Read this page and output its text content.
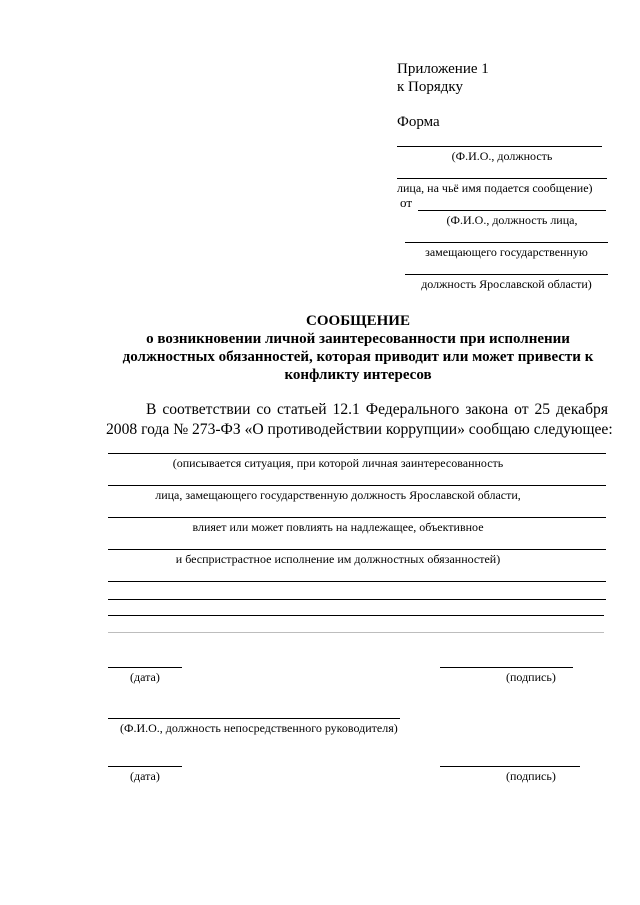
Приложение 1
к Порядку
Форма
(Ф.И.О., должность
лица, на чьё имя подается сообщение)
от
(Ф.И.О., должность лица,
замещающего государственную
должность Ярославской области)
СООБЩЕНИЕ
о возникновении личной заинтересованности при исполнении
должностных обязанностей, которая приводит или может привести к
конфликту интересов
В соответствии со статьей 12.1 Федерального закона от 25 декабря
2008 года № 273-ФЗ «О противодействии коррупции» сообщаю следующее:
(описывается ситуация, при которой личная заинтересованность
лица, замещающего государственную должность Ярославской области,
влияет или может повлиять на надлежащее, объективное
и беспристрастное исполнение им должностных обязанностей)
(дата)	(подпись)
(Ф.И.О., должность непосредственного руководителя)
(дата)	(подпись)
